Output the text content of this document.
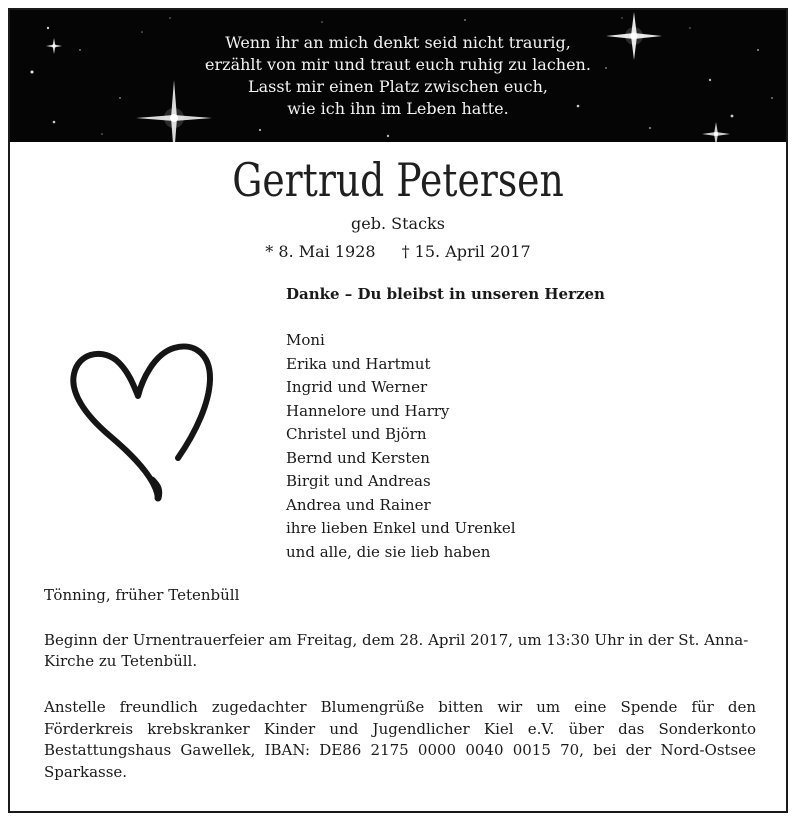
Wenn ihr an mich denkt seid nicht traurig,
erzählt von mir und traut euch ruhig zu lachen.
Lasst mir einen Platz zwischen euch,
wie ich ihn im Leben hatte.
Gertrud Petersen
geb. Stacks
* 8. Mai 1928 † 15. April 2017
Danke – Du bleibst in unseren Herzen
Moni
Erika und Hartmut
Ingrid und Werner
Hannelore und Harry
Christel und Björn
Bernd und Kersten
Birgit und Andreas
Andrea und Rainer
ihre lieben Enkel und Urenkel
und alle, die sie lieb haben
Tönning, früher Tetenbüll
Beginn der Urnentrauerfeier am Freitag, dem 28. April 2017, um 13:30 Uhr in der St. Anna-Kirche zu Tetenbüll.
Anstelle freundlich zugedachter Blumengrüße bitten wir um eine Spende für den Förderkreis krebskranker Kinder und Jugendlicher Kiel e.V. über das Sonderkonto Bestattungshaus Gawellek, IBAN: DE86 2175 0000 0040 0015 70, bei der Nord-Ostsee Sparkasse.
